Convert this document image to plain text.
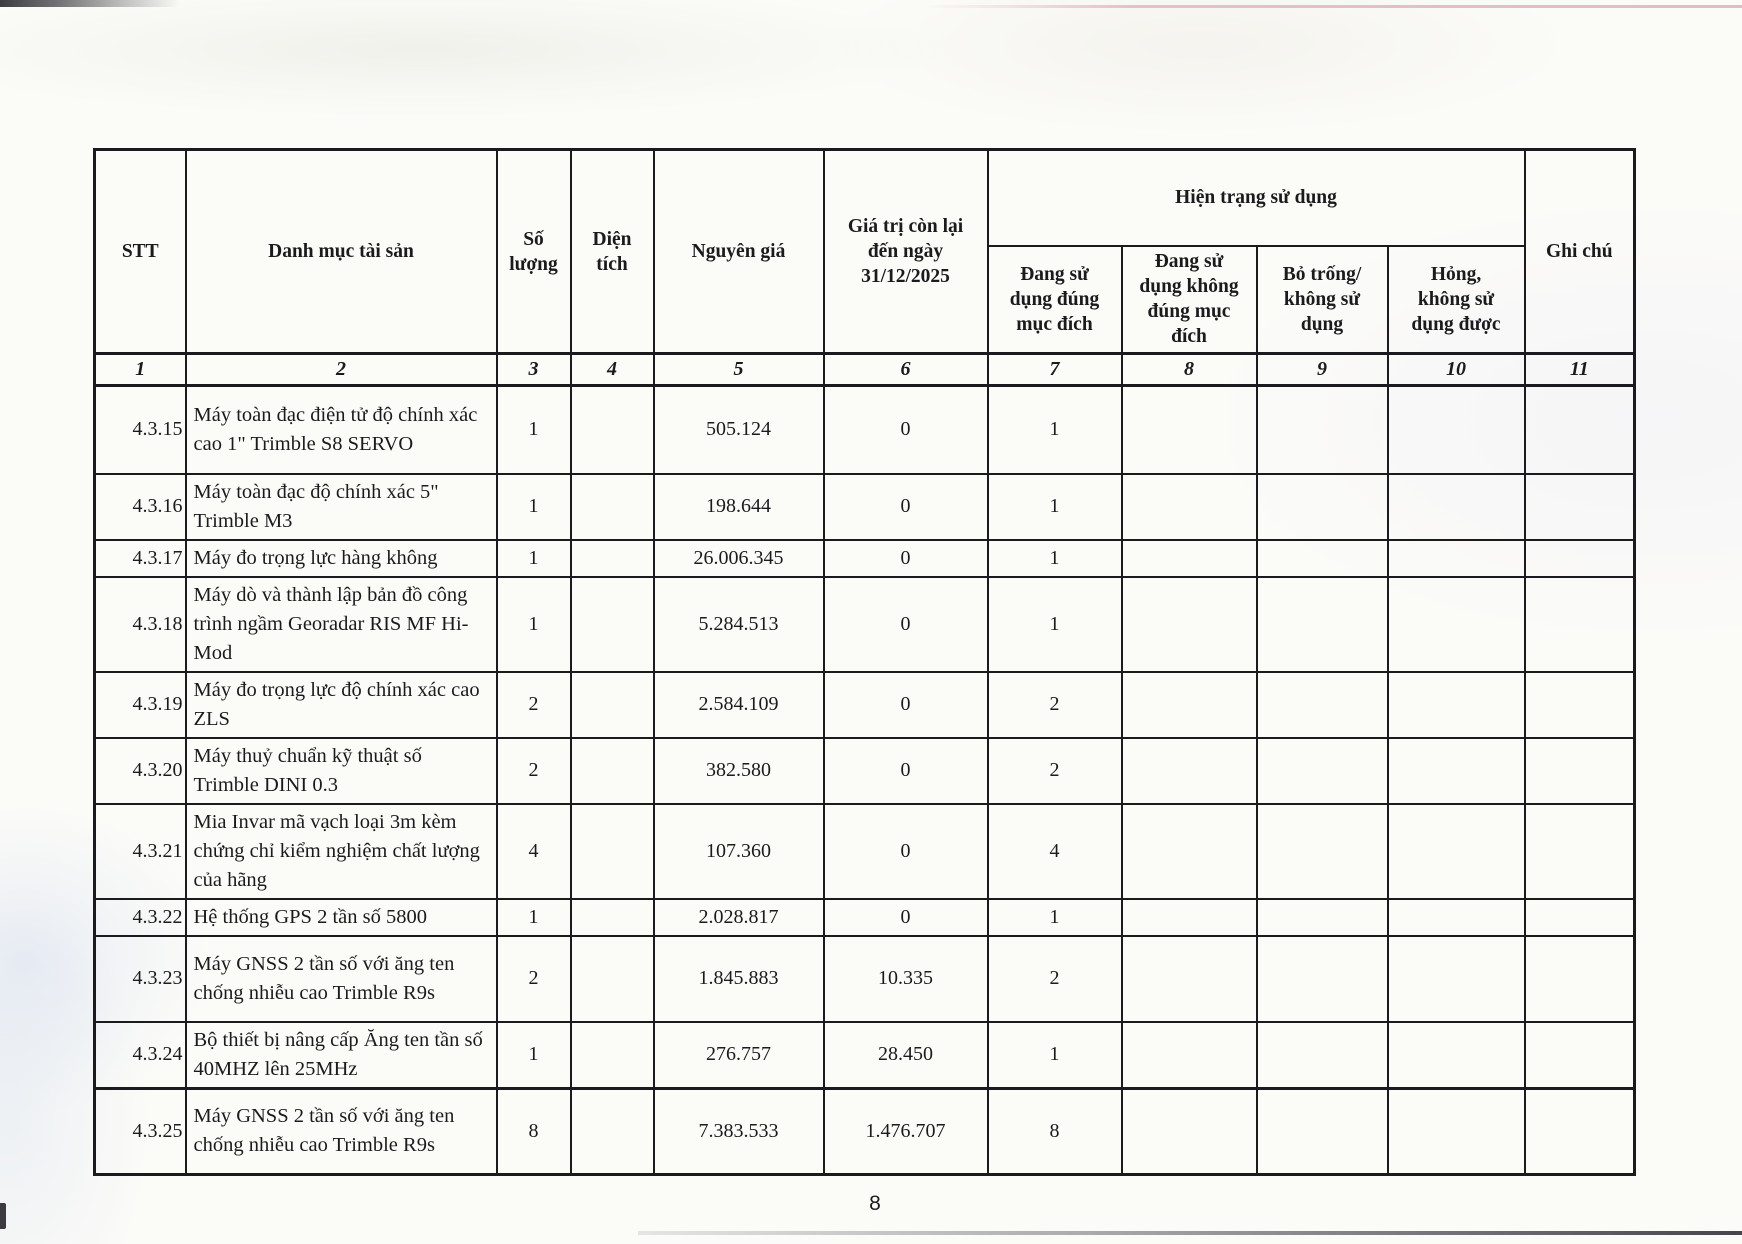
STT	Danh mục tài sản	Số lượng	Diện tích	Nguyên giá	Giá trị còn lại đến ngày 31/12/2025	Hiện trạng sử dụng				Ghi chú
						Đang sử dụng đúng mục đích	Đang sử dụng không đúng mục đích	Bỏ trống/ không sử dụng	Hỏng, không sử dụng được	
1	2	3	4	5	6	7	8	9	10	11
4.3.15	Máy toàn đạc điện tử độ chính xác cao 1" Trimble S8 SERVO	1		505.124	0	1				
4.3.16	Máy toàn đạc độ chính xác 5" Trimble M3	1		198.644	0	1				
4.3.17	Máy đo trọng lực hàng không	1		26.006.345	0	1				
4.3.18	Máy dò và thành lập bản đồ công trình ngầm Georadar RIS MF Hi-Mod	1		5.284.513	0	1				
4.3.19	Máy đo trọng lực độ chính xác cao ZLS	2		2.584.109	0	2				
4.3.20	Máy thuỷ chuẩn kỹ thuật số Trimble DINI 0.3	2		382.580	0	2				
4.3.21	Mia Invar mã vạch loại 3m kèm chứng chỉ kiểm nghiệm chất lượng của hãng	4		107.360	0	4				
4.3.22	Hệ thống GPS 2 tần số 5800	1		2.028.817	0	1				
4.3.23	Máy GNSS 2 tần số với ăng ten chống nhiễu cao Trimble R9s	2		1.845.883	10.335	2				
4.3.24	Bộ thiết bị nâng cấp Ăng ten tần số 40MHZ lên 25MHz	1		276.757	28.450	1				
4.3.25	Máy GNSS 2 tần số với ăng ten chống nhiễu cao Trimble R9s	8		7.383.533	1.476.707	8				
8
